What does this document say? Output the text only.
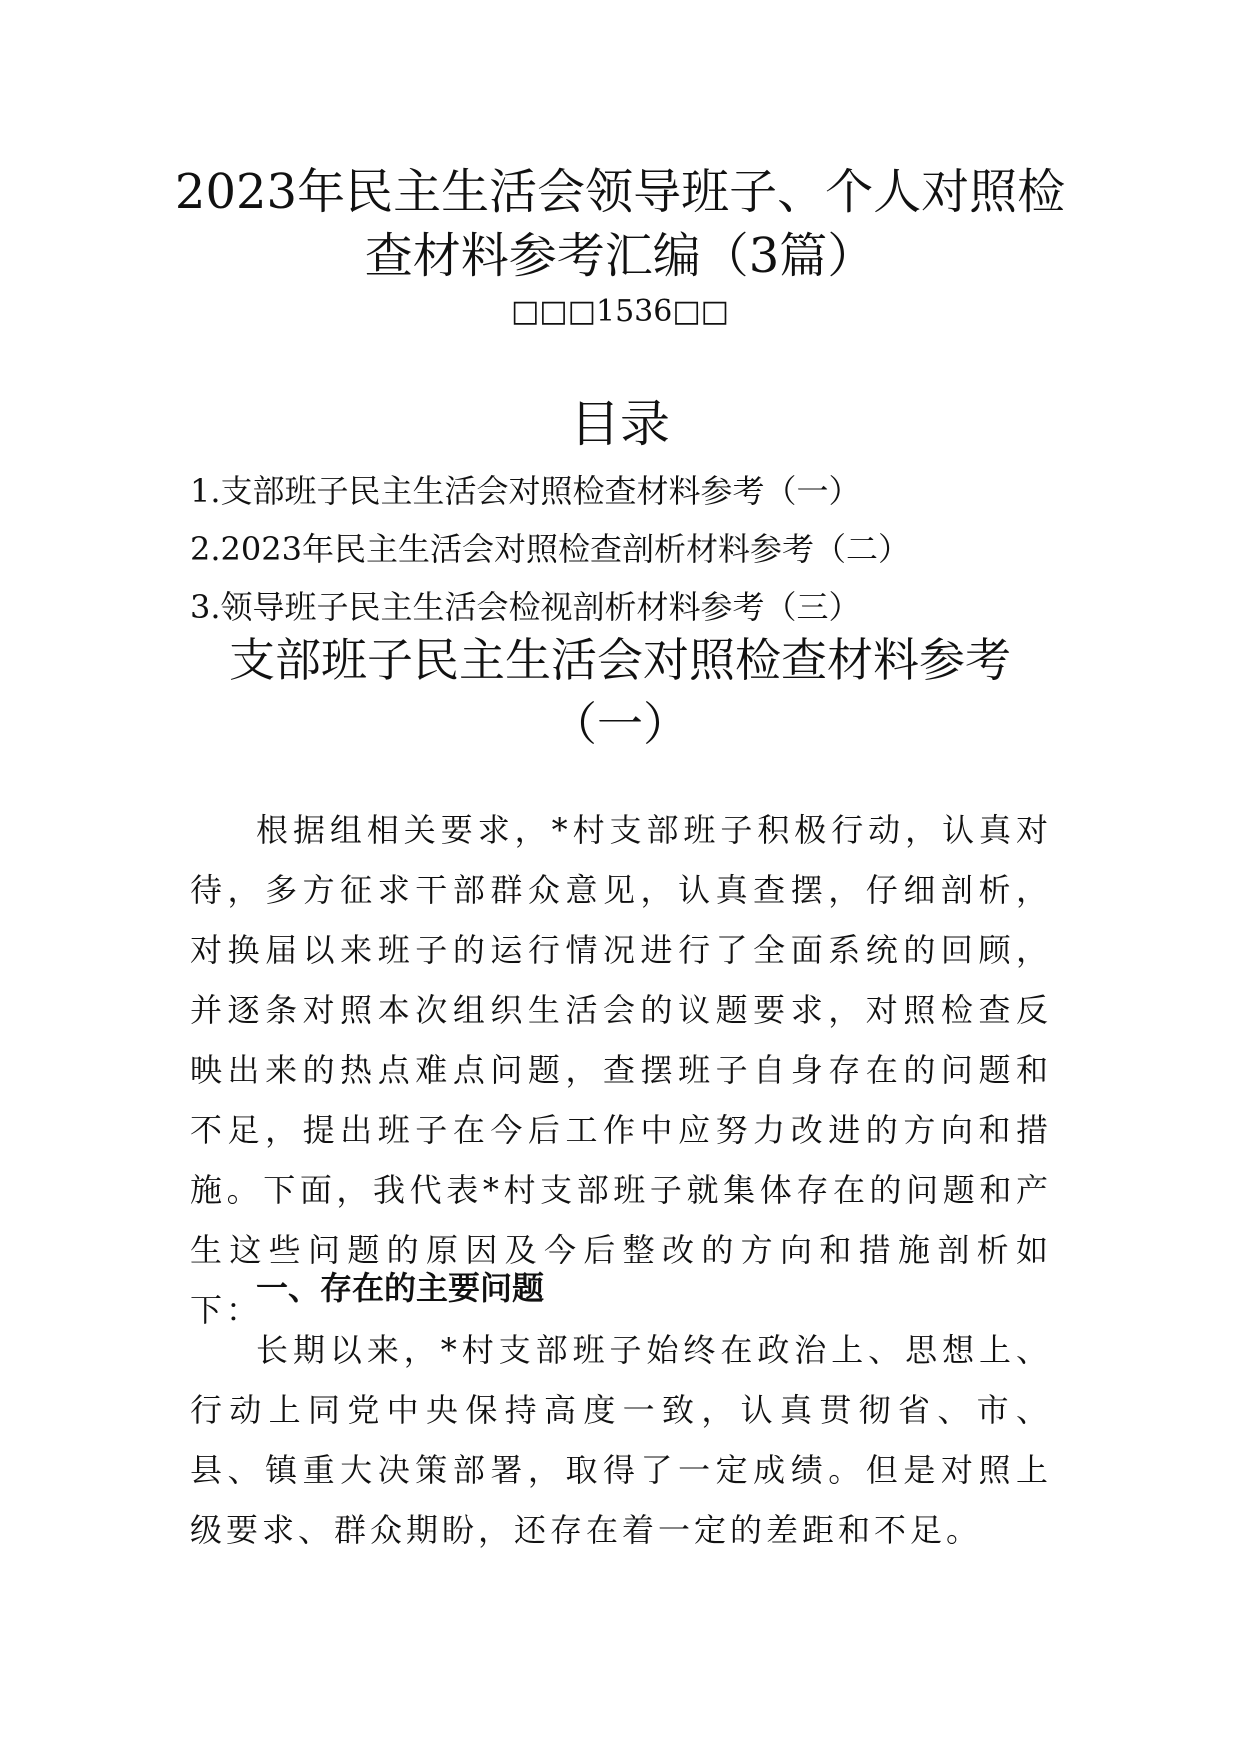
2023年民主生活会领导班子、个人对照检
查材料参考汇编（3篇）
□□□1536□□
目录
1.支部班子民主生活会对照检查材料参考（一）
2.2023年民主生活会对照检查剖析材料参考（二）
3.领导班子民主生活会检视剖析材料参考（三）
支部班子民主生活会对照检查材料参考
（一）

根据组相关要求，*村支部班子积极行动，认真对待，多方征求干部群众意见，认真查摆，仔细剖析，对换届以来班子的运行情况进行了全面系统的回顾，并逐条对照本次组织生活会的议题要求，对照检查反映出来的热点难点问题，查摆班子自身存在的问题和不足，提出班子在今后工作中应努力改进的方向和措施。下面，我代表*村支部班子就集体存在的问题和产生这些问题的原因及今后整改的方向和措施剖析如下：

一、存在的主要问题

长期以来，*村支部班子始终在政治上、思想上、行动上同党中央保持高度一致，认真贯彻省、市、县、镇重大决策部署，取得了一定成绩。但是对照上级要求、群众期盼，还存在着一定的差距和不足。
